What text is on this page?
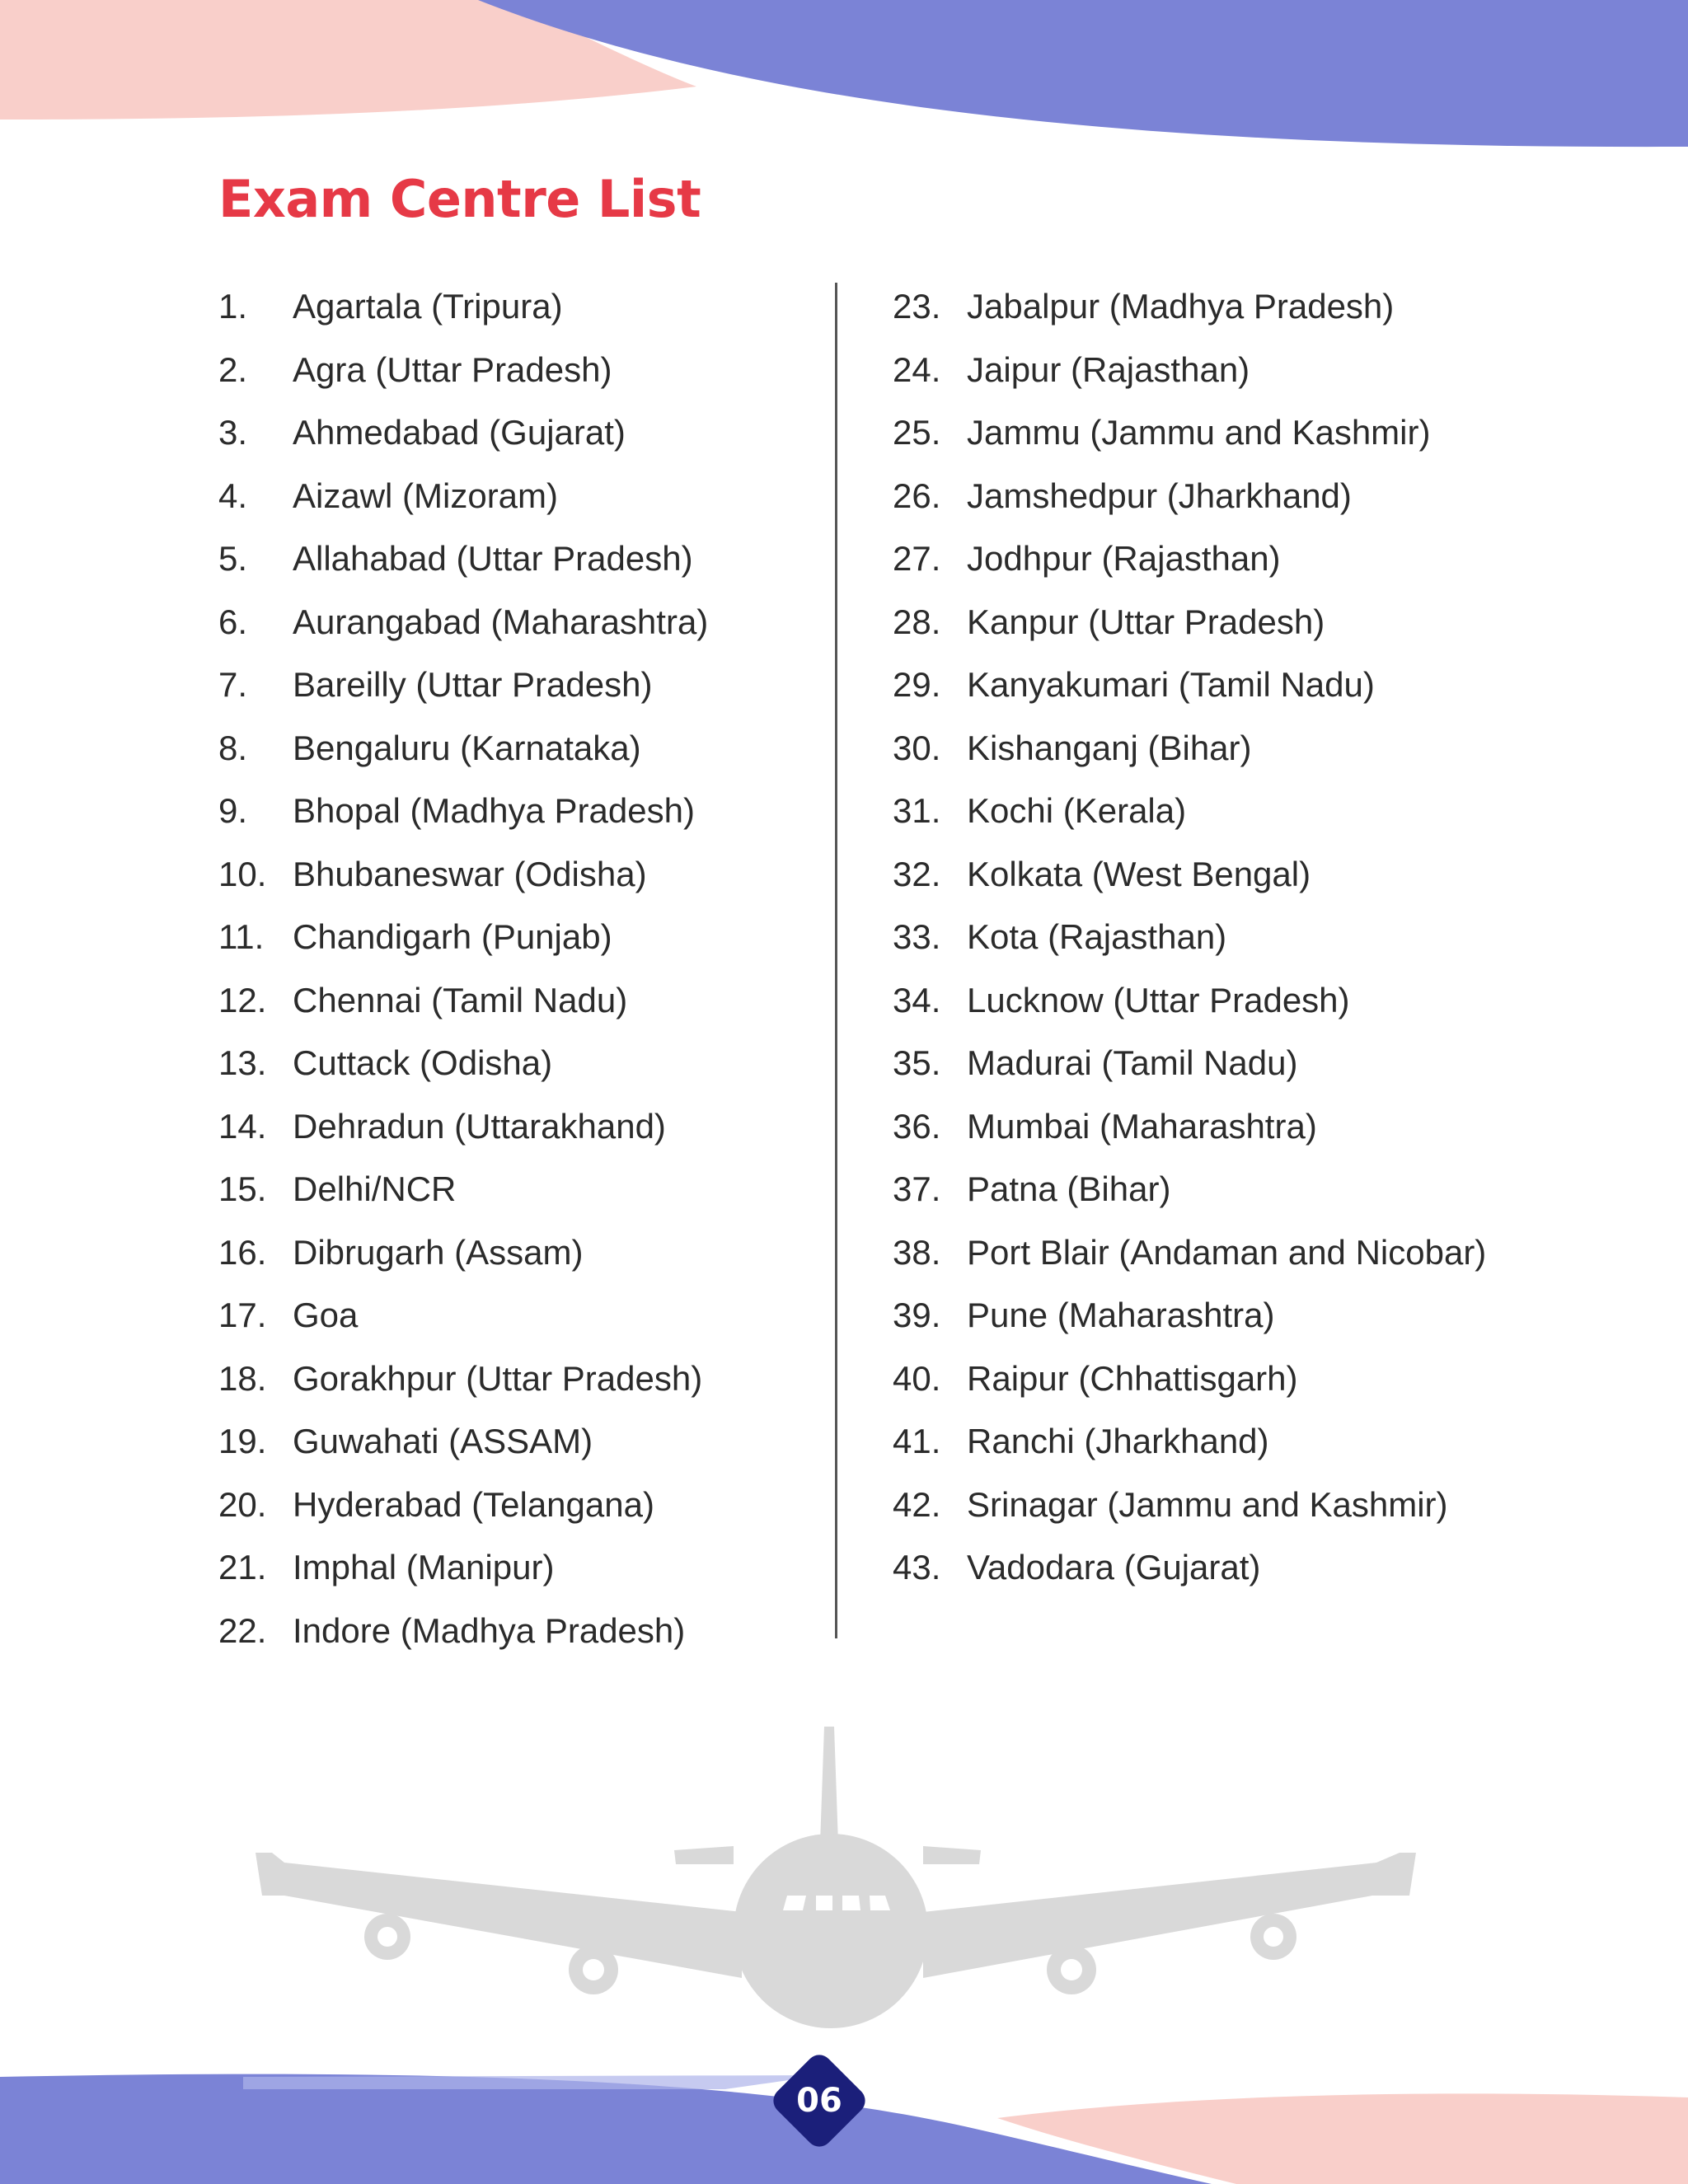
Exam Centre List
1.	Agartala (Tripura)
2.	Agra (Uttar Pradesh)
3.	Ahmedabad (Gujarat)
4.	Aizawl (Mizoram)
5.	Allahabad (Uttar Pradesh)
6.	Aurangabad (Maharashtra)
7.	Bareilly (Uttar Pradesh)
8.	Bengaluru (Karnataka)
9.	Bhopal (Madhya Pradesh)
10. Bhubaneswar (Odisha)
11. Chandigarh (Punjab)
12. Chennai (Tamil Nadu)
13. Cuttack (Odisha)
14. Dehradun (Uttarakhand)
15. Delhi/NCR
16. Dibrugarh (Assam)
17. Goa
18. Gorakhpur (Uttar Pradesh)
19. Guwahati (ASSAM)
20. Hyderabad (Telangana)
21. Imphal (Manipur)
22. Indore (Madhya Pradesh)
23. Jabalpur (Madhya Pradesh)
24. Jaipur (Rajasthan)
25. Jammu (Jammu and Kashmir)
26. Jamshedpur (Jharkhand)
27. Jodhpur (Rajasthan)
28. Kanpur (Uttar Pradesh)
29. Kanyakumari (Tamil Nadu)
30. Kishanganj (Bihar)
31. Kochi (Kerala)
32. Kolkata (West Bengal)
33. Kota (Rajasthan)
34. Lucknow (Uttar Pradesh)
35. Madurai (Tamil Nadu)
36. Mumbai (Maharashtra)
37. Patna (Bihar)
38. Port Blair (Andaman and Nicobar)
39. Pune (Maharashtra)
40. Raipur (Chhattisgarh)
41. Ranchi (Jharkhand)
42. Srinagar (Jammu and Kashmir)
43. Vadodara (Gujarat)
06
